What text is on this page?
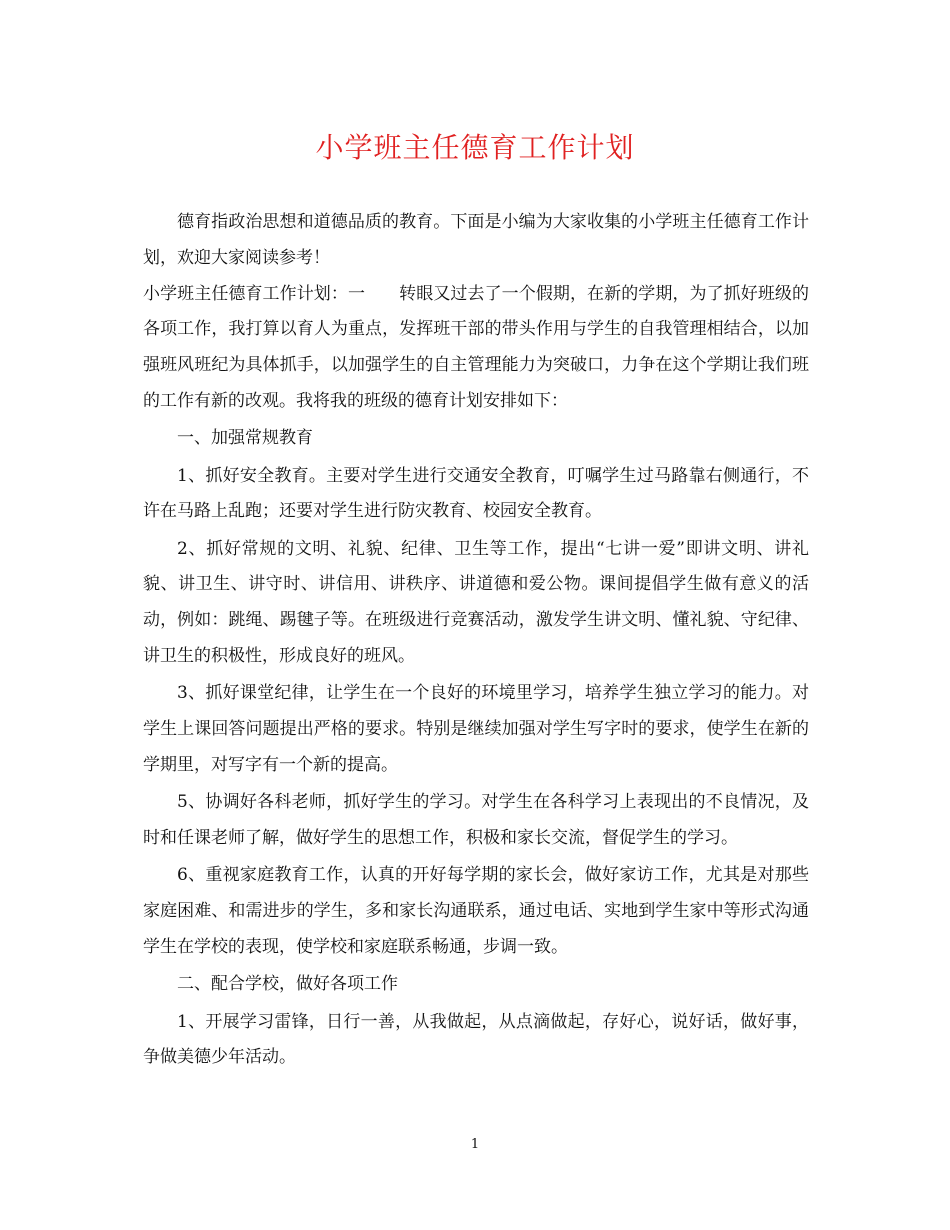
小学班主任德育工作计划

德育指政治思想和道德品质的教育。下面是小编为大家收集的小学班主任德育工作计划，欢迎大家阅读参考！

小学班主任德育工作计划：一　　转眼又过去了一个假期，在新的学期，为了抓好班级的各项工作，我打算以育人为重点，发挥班干部的带头作用与学生的自我管理相结合，以加强班风班纪为具体抓手，以加强学生的自主管理能力为突破口，力争在这个学期让我们班的工作有新的改观。我将我的班级的德育计划安排如下：

一、加强常规教育

1、抓好安全教育。主要对学生进行交通安全教育，叮嘱学生过马路靠右侧通行，不许在马路上乱跑；还要对学生进行防灾教育、校园安全教育。

2、抓好常规的文明、礼貌、纪律、卫生等工作，提出“七讲一爱”即讲文明、讲礼貌、讲卫生、讲守时、讲信用、讲秩序、讲道德和爱公物。课间提倡学生做有意义的活动，例如：跳绳、踢毽子等。在班级进行竞赛活动，激发学生讲文明、懂礼貌、守纪律、讲卫生的积极性，形成良好的班风。

3、抓好课堂纪律，让学生在一个良好的环境里学习，培养学生独立学习的能力。对学生上课回答问题提出严格的要求。特别是继续加强对学生写字时的要求，使学生在新的学期里，对写字有一个新的提高。

5、协调好各科老师，抓好学生的学习。对学生在各科学习上表现出的不良情况，及时和任课老师了解，做好学生的思想工作，积极和家长交流，督促学生的学习。

6、重视家庭教育工作，认真的开好每学期的家长会，做好家访工作，尤其是对那些家庭困难、和需进步的学生，多和家长沟通联系，通过电话、实地到学生家中等形式沟通学生在学校的表现，使学校和家庭联系畅通，步调一致。

二、配合学校，做好各项工作

1、开展学习雷锋，日行一善，从我做起，从点滴做起，存好心，说好话，做好事，争做美德少年活动。

1
